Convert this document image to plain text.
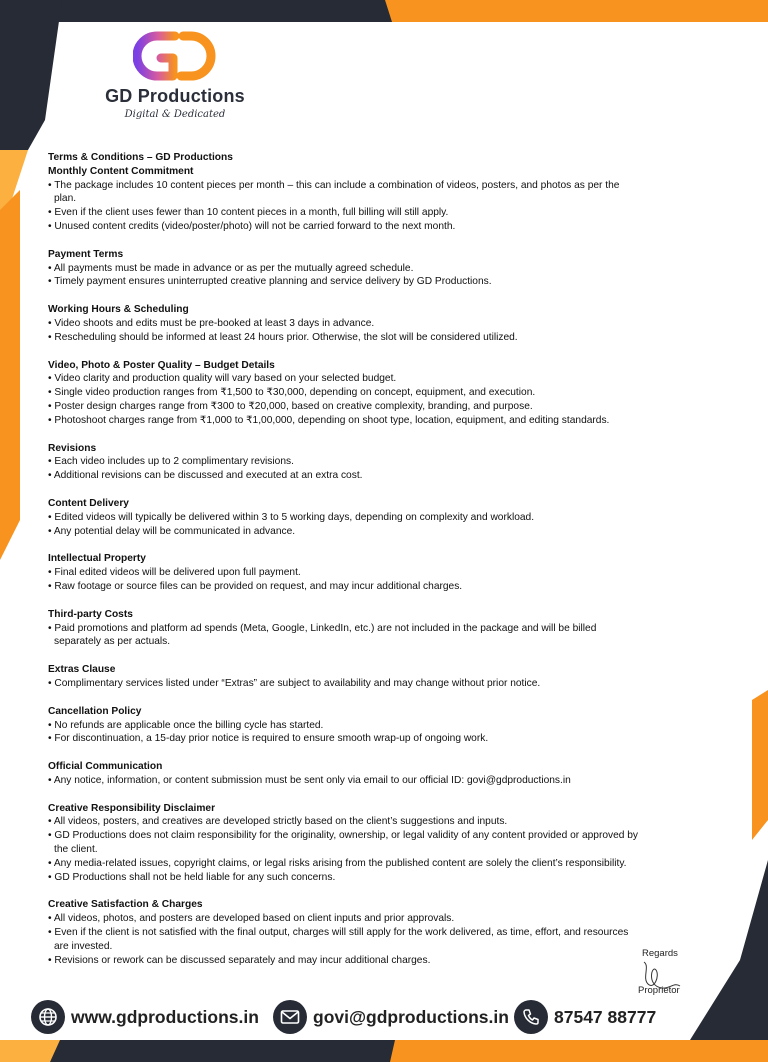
GD Productions
Digital & Dedicated
Terms & Conditions – GD Productions
Monthly Content Commitment
• The package includes 10 content pieces per month – this can include a combination of videos, posters, and photos as per the plan.
• Even if the client uses fewer than 10 content pieces in a month, full billing will still apply.
• Unused content credits (video/poster/photo) will not be carried forward to the next month.
Payment Terms
• All payments must be made in advance or as per the mutually agreed schedule.
• Timely payment ensures uninterrupted creative planning and service delivery by GD Productions.
Working Hours & Scheduling
• Video shoots and edits must be pre-booked at least 3 days in advance.
• Rescheduling should be informed at least 24 hours prior. Otherwise, the slot will be considered utilized.
Video, Photo & Poster Quality – Budget Details
• Video clarity and production quality will vary based on your selected budget.
• Single video production ranges from ₹1,500 to ₹30,000, depending on concept, equipment, and execution.
• Poster design charges range from ₹300 to ₹20,000, based on creative complexity, branding, and purpose.
• Photoshoot charges range from ₹1,000 to ₹1,00,000, depending on shoot type, location, equipment, and editing standards.
Revisions
• Each video includes up to 2 complimentary revisions.
• Additional revisions can be discussed and executed at an extra cost.
Content Delivery
• Edited videos will typically be delivered within 3 to 5 working days, depending on complexity and workload.
• Any potential delay will be communicated in advance.
Intellectual Property
• Final edited videos will be delivered upon full payment.
• Raw footage or source files can be provided on request, and may incur additional charges.
Third-party Costs
• Paid promotions and platform ad spends (Meta, Google, LinkedIn, etc.) are not included in the package and will be billed separately as per actuals.
Extras Clause
• Complimentary services listed under “Extras” are subject to availability and may change without prior notice.
Cancellation Policy
• No refunds are applicable once the billing cycle has started.
• For discontinuation, a 15-day prior notice is required to ensure smooth wrap-up of ongoing work.
Official Communication
• Any notice, information, or content submission must be sent only via email to our official ID: govi@gdproductions.in
Creative Responsibility Disclaimer
• All videos, posters, and creatives are developed strictly based on the client’s suggestions and inputs.
• GD Productions does not claim responsibility for the originality, ownership, or legal validity of any content provided or approved by the client.
• Any media-related issues, copyright claims, or legal risks arising from the published content are solely the client’s responsibility.
• GD Productions shall not be held liable for any such concerns.
Creative Satisfaction & Charges
• All videos, photos, and posters are developed based on client inputs and prior approvals.
• Even if the client is not satisfied with the final output, charges will still apply for the work delivered, as time, effort, and resources are invested.
• Revisions or rework can be discussed separately and may incur additional charges.
Regards
Proprietor
www.gdproductions.in	govi@gdproductions.in	87547 88777
